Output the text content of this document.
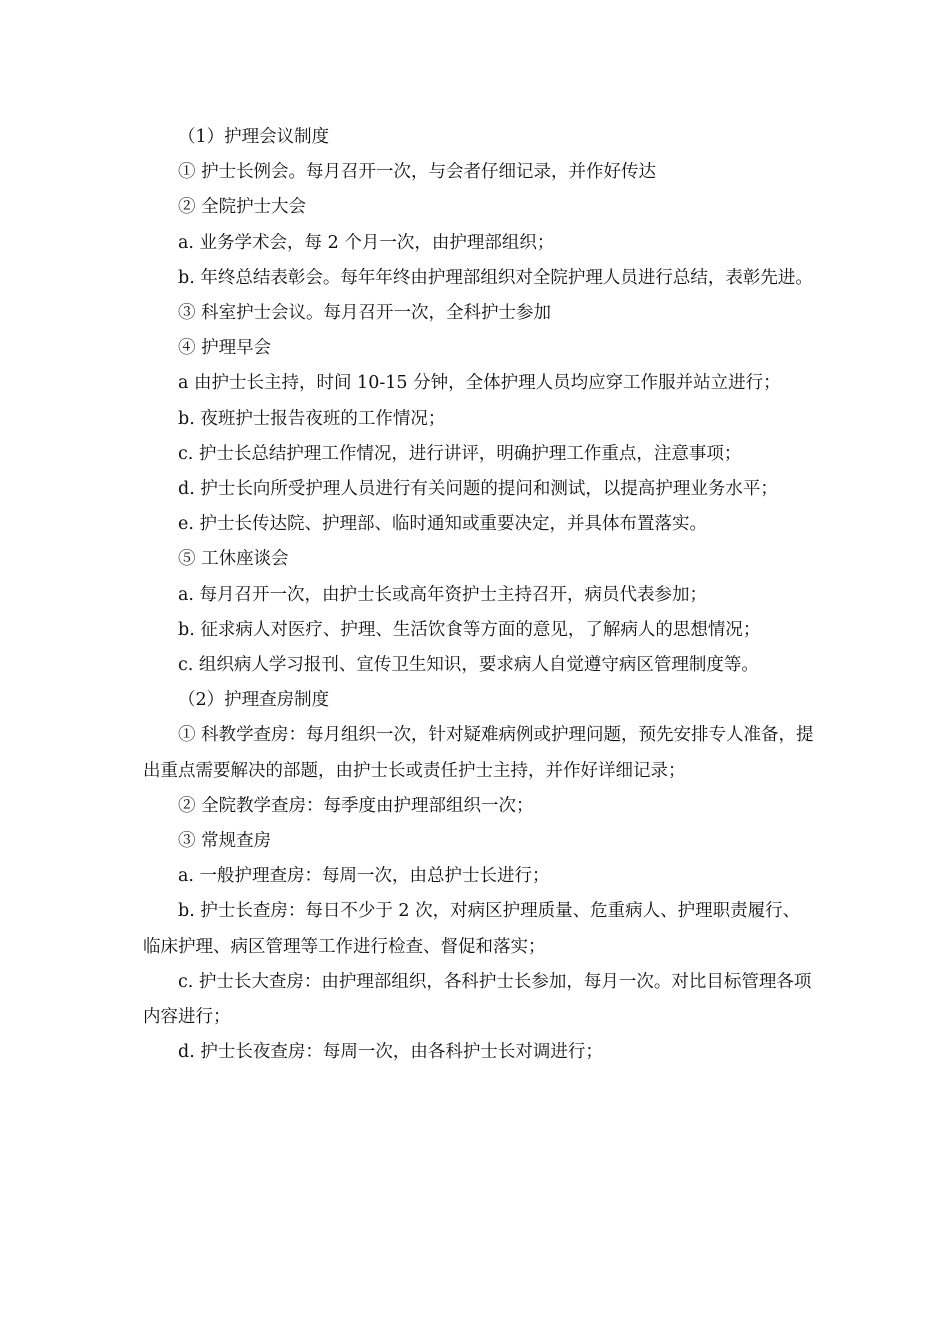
（1）护理会议制度

① 护士长例会。每月召开一次，与会者仔细记录，并作好传达

② 全院护士大会

a. 业务学术会，每 2 个月一次，由护理部组织；

b. 年终总结表彰会。每年年终由护理部组织对全院护理人员进行总结，表彰先进。

③ 科室护士会议。每月召开一次，全科护士参加

④ 护理早会

a 由护士长主持，时间 10-15 分钟，全体护理人员均应穿工作服并站立进行；

b. 夜班护士报告夜班的工作情况；

c. 护士长总结护理工作情况，进行讲评，明确护理工作重点，注意事项；

d. 护士长向所受护理人员进行有关问题的提问和测试，以提高护理业务水平；

e. 护士长传达院、护理部、临时通知或重要决定，并具体布置落实。

⑤ 工休座谈会

a. 每月召开一次，由护士长或高年资护士主持召开，病员代表参加；

b. 征求病人对医疗、护理、生活饮食等方面的意见，了解病人的思想情况；

c. 组织病人学习报刊、宣传卫生知识，要求病人自觉遵守病区管理制度等。

（2）护理查房制度

① 科教学查房：每月组织一次，针对疑难病例或护理问题，预先安排专人准备，提出重点需要解决的部题，由护士长或责任护士主持，并作好详细记录；

② 全院教学查房：每季度由护理部组织一次；

③ 常规查房

a. 一般护理查房：每周一次，由总护士长进行；

b. 护士长查房：每日不少于 2 次，对病区护理质量、危重病人、护理职责履行、临床护理、病区管理等工作进行检查、督促和落实；

c. 护士长大查房：由护理部组织，各科护士长参加，每月一次。对比目标管理各项内容进行；

d. 护士长夜查房：每周一次，由各科护士长对调进行；
